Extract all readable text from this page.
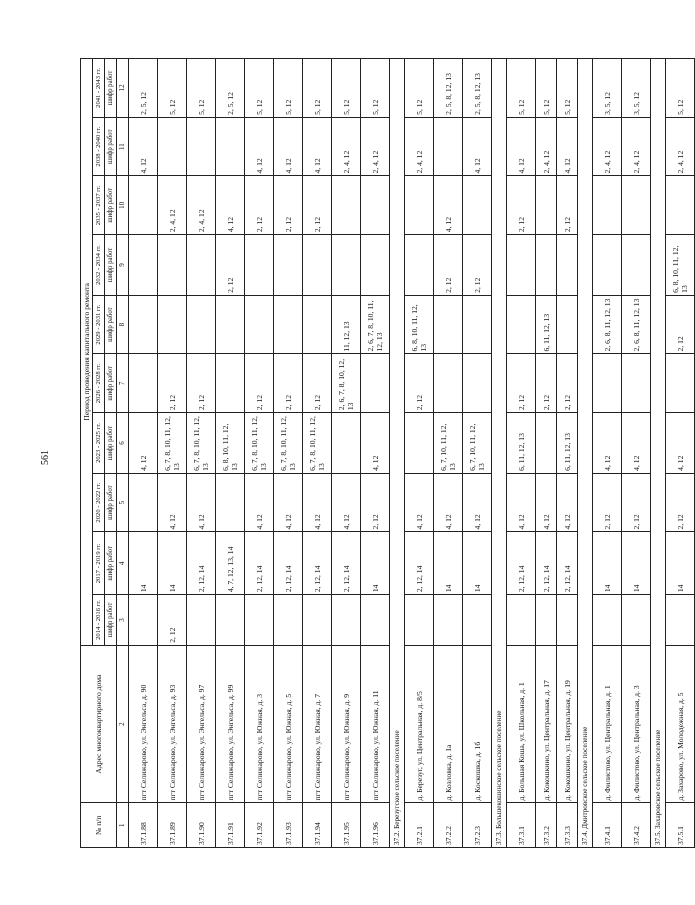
561
№ п/п	Адрес многоквартирного дома	Период проведения капитального ремонта									
		2014 - 2016 гг.	2017 - 2019 гг.	2020 - 2022 гг.	2023 - 2025 гг.	2026 - 2028 гг.	2029 - 2031 гг.	2032 - 2034 гг.	2035 - 2037 гг.	2038 - 2040 гг.	2041 - 2043 гг.
		шифр работ	шифр работ	шифр работ	шифр работ	шифр работ	шифр работ	шифр работ	шифр работ	шифр работ	шифр работ
1	2	3	4	5	6	7	8	9	10	11	12
37.1.88	пгт Селижарово, ул. Энгельса, д. 90		14		4, 12					4, 12	2, 5, 12
37.1.89	пгт Селижарово, ул. Энгельса, д. 93	2, 12	14	4, 12	6, 7, 8, 10, 11, 12, 13	2, 12			2, 4, 12		5, 12
37.1.90	пгт Селижарово, ул. Энгельса, д. 97		2, 12, 14	4, 12	6, 7, 8, 10, 11, 12, 13	2, 12			2, 4, 12		5, 12
37.1.91	пгт Селижарово, ул. Энгельса, д. 99		4, 7, 12, 13, 14		6, 8, 10, 11, 12, 13			2, 12	4, 12		2, 5, 12
37.1.92	пгт Селижарово, ул. Южная, д. 3		2, 12, 14	4, 12	6, 7, 8, 10, 11, 12, 13	2, 12			2, 12	4, 12	5, 12
37.1.93	пгт Селижарово, ул. Южная, д. 5		2, 12, 14	4, 12	6, 7, 8, 10, 11, 12, 13	2, 12			2, 12	4, 12	5, 12
37.1.94	пгт Селижарово, ул. Южная, д. 7		2, 12, 14	4, 12	6, 7, 8, 10, 11, 12, 13	2, 12			2, 12	4, 12	5, 12
37.1.95	пгт Селижарово, ул. Южная, д. 9		2, 12, 14	4, 12		2, 6, 7, 8, 10, 12, 13	11, 12, 13			2, 4, 12	5, 12
37.1.96	пгт Селижарово, ул. Южная, д. 11		14	2, 12	4, 12		2, 6, 7, 8, 10, 11, 12, 13			2, 4, 12	5, 12
37.2. Березугское сельское поселение											
37.2.1	д. Березуг, ул. Центральная, д. 8/5		2, 12, 14	4, 12		2, 12	6, 8, 10, 11, 12, 13			2, 4, 12	5, 12
37.2.2	д. Козловка, д. 1а		14	4, 12	6, 7, 10, 11, 12, 13			2, 12	4, 12		2, 5, 8, 12, 13
37.2.3	д. Коскошка, д. 1б		14	4, 12	6, 7, 10, 11, 12, 13			2, 12		4, 12	2, 5, 8, 12, 13
37.3. Большекошинское сельское поселение											
37.3.1	д. Большая Коша, ул. Школьная, д. 1		2, 12, 14	4, 12	6, 11, 12, 13	2, 12			2, 12	4, 12	5, 12
37.3.2	д. Кокошкино, ул. Центральная, д. 17		2, 12, 14	4, 12		2, 12	6, 11, 12, 13			2, 4, 12	5, 12
37.3.3	д. Кокошкино, ул. Центральная, д. 19		2, 12, 14	4, 12	6, 11, 12, 13	2, 12			2, 12	4, 12	5, 12
37.4. Дмитровское сельское поселение											
37.4.1	д. Филистово, ул. Центральная, д. 1		14	2, 12	4, 12		2, 6, 8, 11, 12, 13			2, 4, 12	3, 5, 12
37.4.2	д. Филистово, ул. Центральная, д. 3		14	2, 12	4, 12		2, 6, 8, 11, 12, 13			2, 4, 12	3, 5, 12
37.5. Захаровское сельское поселение											
37.5.1	д. Захарово, ул. Молодежная, д. 5		14	2, 12	4, 12		2, 12	6, 8, 10, 11, 12, 13		2, 4, 12	5, 12
